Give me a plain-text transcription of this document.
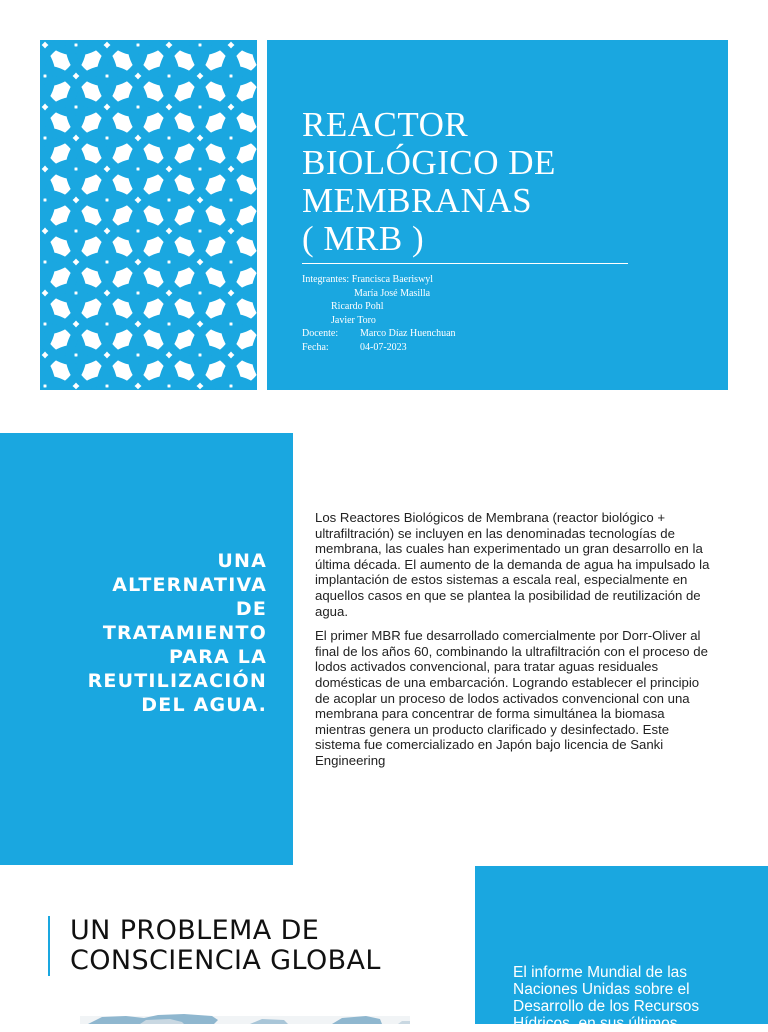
REACTOR
BIOLÓGICO DE
MEMBRANAS
( MRB )
Integrantes: Francisca Baeriswyl
María José Masilla
Ricardo Pohl
Javier Toro
Docente: Marco Díaz Huenchuan
Fecha:	04-07-2023
UNA
ALTERNATIVA
DE
TRATAMIENTO
PARA LA
REUTILIZACIÓN
DEL AGUA.

Los Reactores Biológicos de Membrana (reactor biológico + ultrafiltración) se incluyen en las denominadas tecnologías de membrana, las cuales han experimentado un gran desarrollo en la última década. El aumento de la demanda de agua ha impulsado la implantación de estos sistemas a escala real, especialmente en aquellos casos en que se plantea la posibilidad de reutilización de agua.

El primer MBR fue desarrollado comercialmente por Dorr-Oliver al final de los años 60, combinando la ultrafiltración con el proceso de lodos activados convencional, para tratar aguas residuales domésticas de una embarcación. Logrando establecer el principio de acoplar un proceso de lodos activados convencional con una membrana para concentrar de forma simultánea la biomasa mientras genera un producto clarificado y desinfectado. Este sistema fue comercializado en Japón bajo licencia de Sanki Engineering

UN PROBLEMA DE
CONSCIENCIA GLOBAL	El informe Mundial de las Naciones Unidas sobre el Desarrollo de los Recursos Hídricos, en sus últimos
